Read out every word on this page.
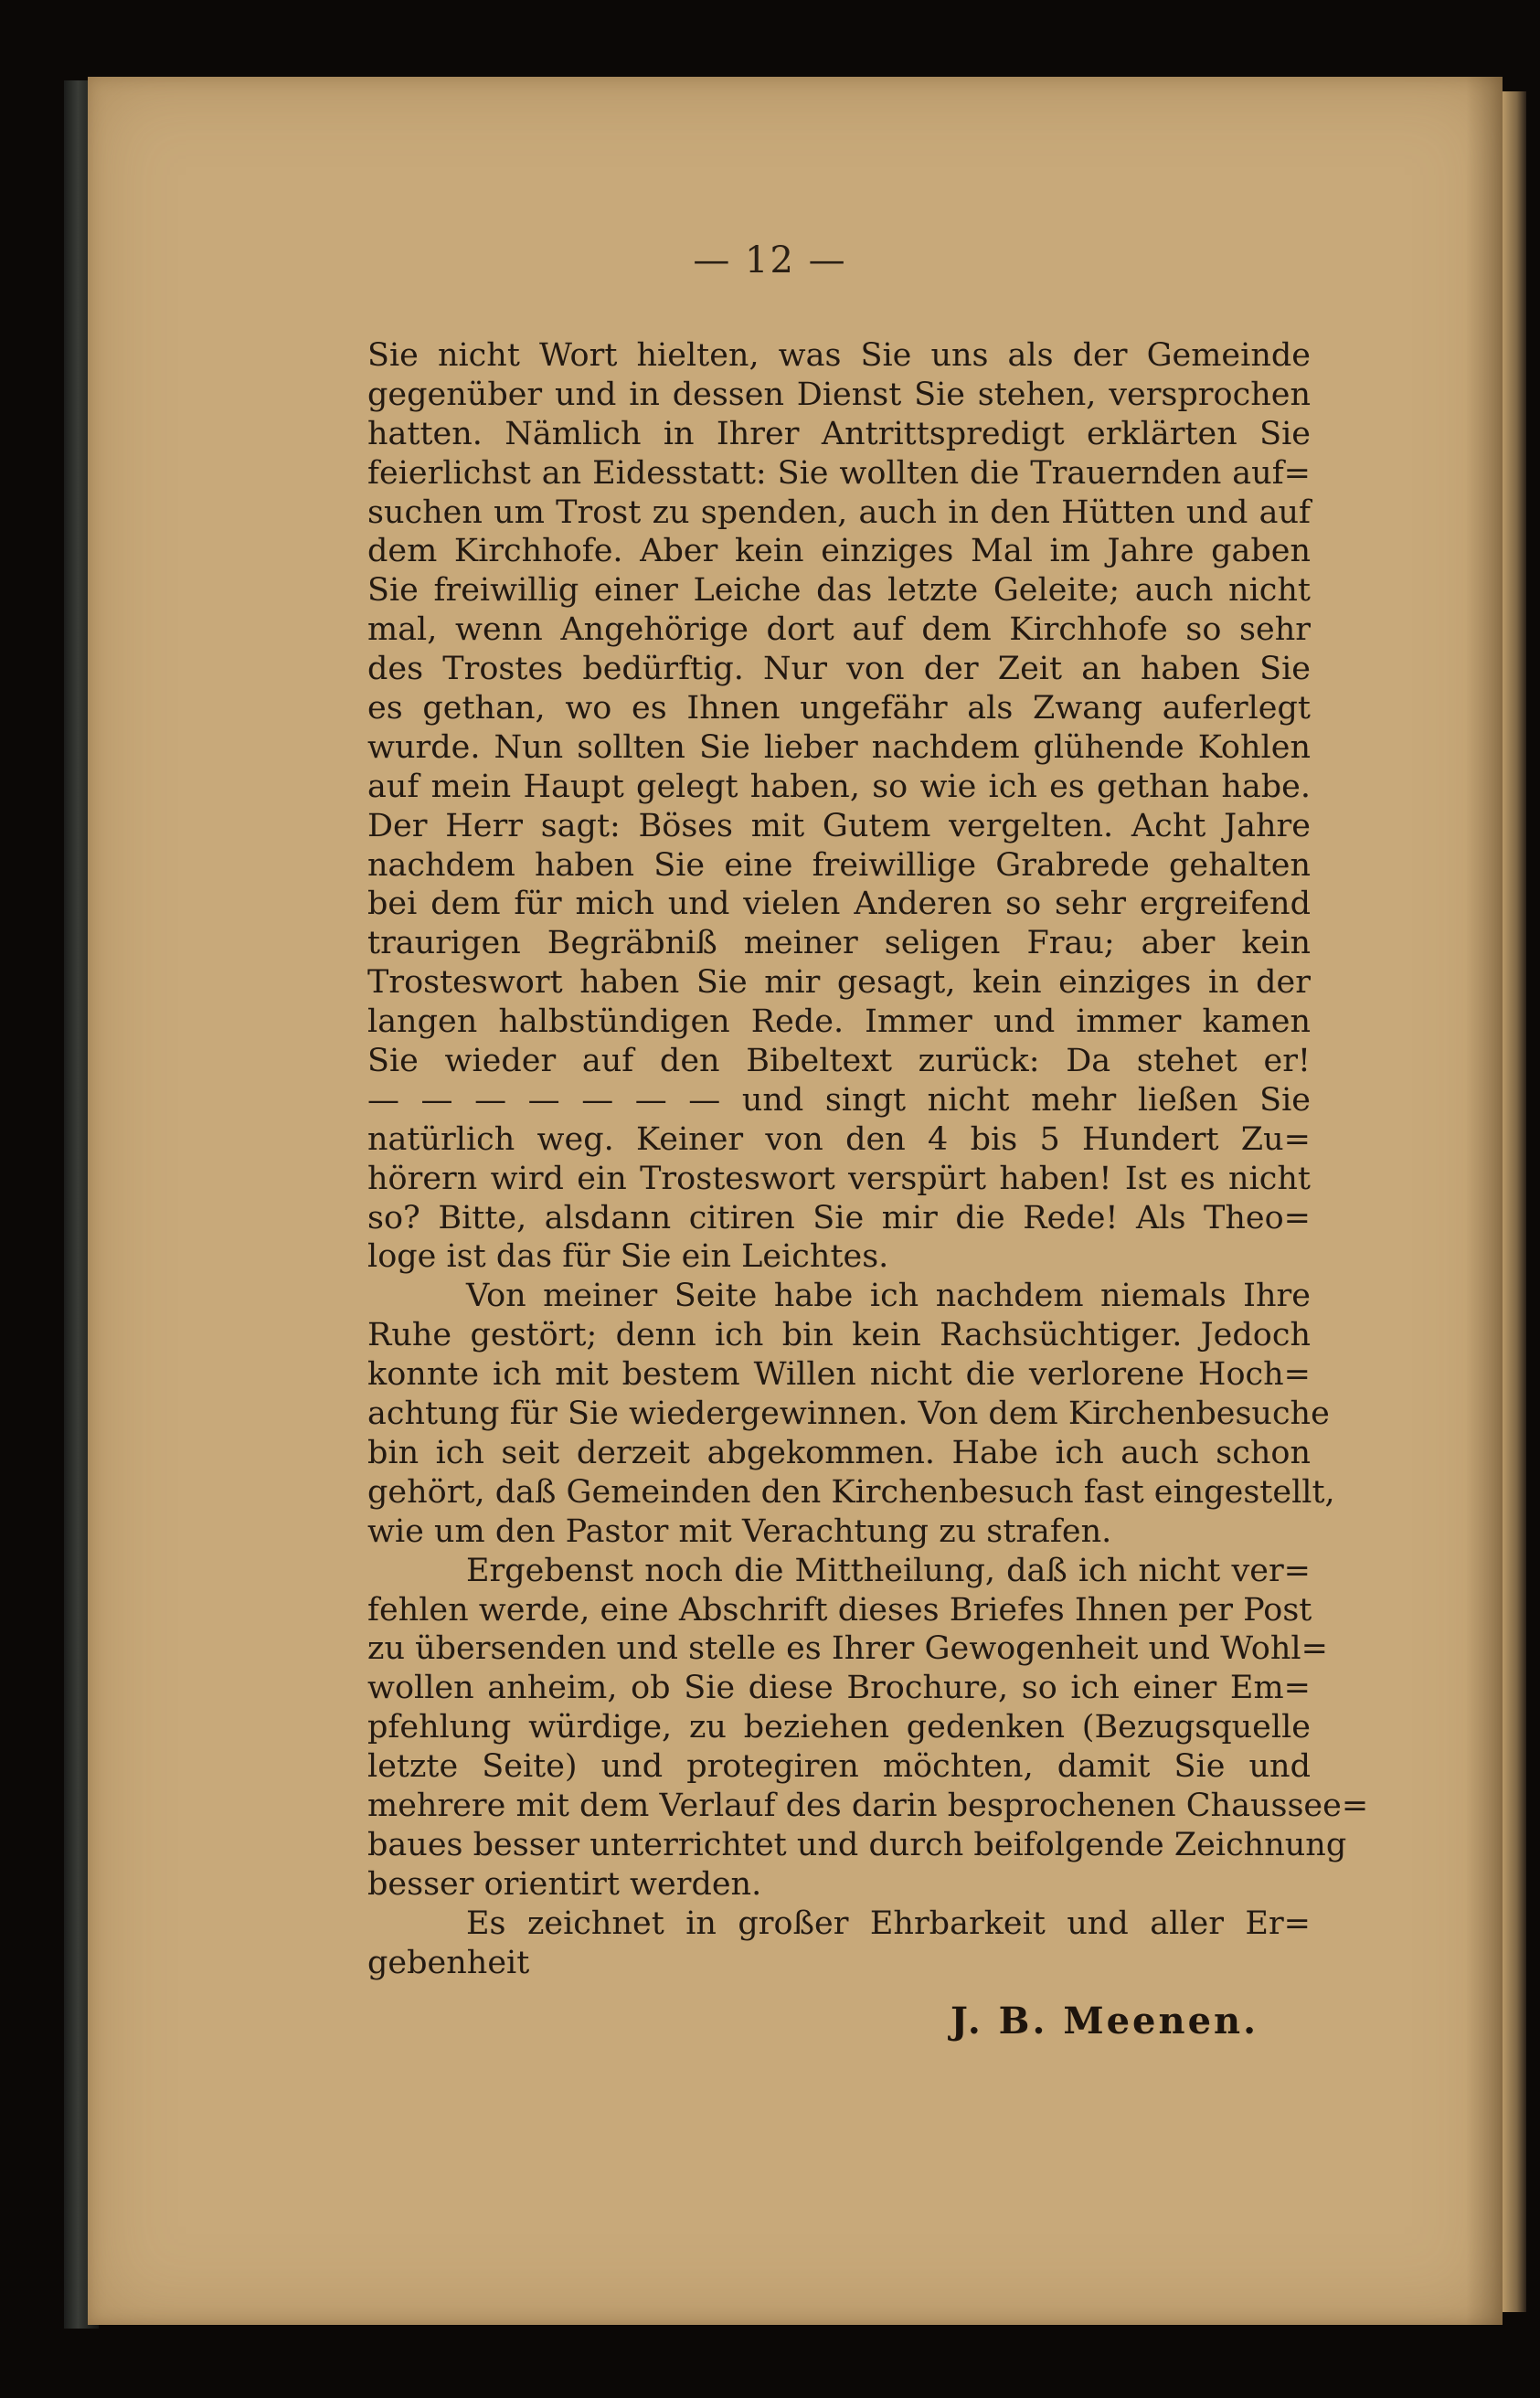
— 12 —
Sie nicht Wort hielten, was Sie uns als der Gemeinde
gegenüber und in dessen Dienst Sie stehen, versprochen
hatten. Nämlich in Ihrer Antrittspredigt erklärten Sie
feierlichst an Eidesstatt: Sie wollten die Trauernden auf=
suchen um Trost zu spenden, auch in den Hütten und auf
dem Kirchhofe. Aber kein einziges Mal im Jahre gaben
Sie freiwillig einer Leiche das letzte Geleite; auch nicht
mal, wenn Angehörige dort auf dem Kirchhofe so sehr
des Trostes bedürftig. Nur von der Zeit an haben Sie
es gethan, wo es Ihnen ungefähr als Zwang auferlegt
wurde. Nun sollten Sie lieber nachdem glühende Kohlen
auf mein Haupt gelegt haben, so wie ich es gethan habe.
Der Herr sagt: Böses mit Gutem vergelten. Acht Jahre
nachdem haben Sie eine freiwillige Grabrede gehalten
bei dem für mich und vielen Anderen so sehr ergreifend
traurigen Begräbniß meiner seligen Frau; aber kein
Trosteswort haben Sie mir gesagt, kein einziges in der
langen halbstündigen Rede. Immer und immer kamen
Sie wieder auf den Bibeltext zurück: Da stehet er!
— — — — — — — und singt nicht mehr ließen Sie
natürlich weg. Keiner von den 4 bis 5 Hundert Zu=
hörern wird ein Trosteswort verspürt haben! Ist es nicht
so? Bitte, alsdann citiren Sie mir die Rede! Als Theo=
loge ist das für Sie ein Leichtes.
Von meiner Seite habe ich nachdem niemals Ihre
Ruhe gestört; denn ich bin kein Rachsüchtiger. Jedoch
konnte ich mit bestem Willen nicht die verlorene Hoch=
achtung für Sie wiedergewinnen. Von dem Kirchenbesuche
bin ich seit derzeit abgekommen. Habe ich auch schon
gehört, daß Gemeinden den Kirchenbesuch fast eingestellt,
wie um den Pastor mit Verachtung zu strafen.
Ergebenst noch die Mittheilung, daß ich nicht ver=
fehlen werde, eine Abschrift dieses Briefes Ihnen per Post
zu übersenden und stelle es Ihrer Gewogenheit und Wohl=
wollen anheim, ob Sie diese Brochure, so ich einer Em=
pfehlung würdige, zu beziehen gedenken (Bezugsquelle
letzte Seite) und protegiren möchten, damit Sie und
mehrere mit dem Verlauf des darin besprochenen Chaussee=
baues besser unterrichtet und durch beifolgende Zeichnung
besser orientirt werden.
Es zeichnet in großer Ehrbarkeit und aller Er=
gebenheit
J. B. Meenen.
